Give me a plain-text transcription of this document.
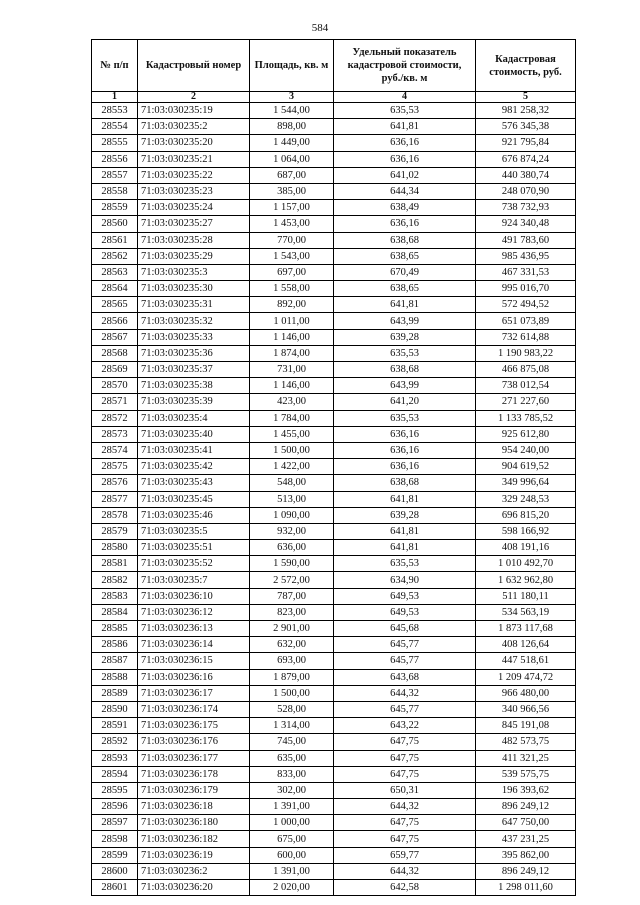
584
№ п/п	Кадастровый номер	Площадь, кв. м	Удельный показатель кадастровой стоимости, руб./кв. м	Кадастровая стоимость, руб.
1	2	3	4	5
28553	71:03:030235:19	1 544,00	635,53	981 258,32
28554	71:03:030235:2	898,00	641,81	576 345,38
28555	71:03:030235:20	1 449,00	636,16	921 795,84
28556	71:03:030235:21	1 064,00	636,16	676 874,24
28557	71:03:030235:22	687,00	641,02	440 380,74
28558	71:03:030235:23	385,00	644,34	248 070,90
28559	71:03:030235:24	1 157,00	638,49	738 732,93
28560	71:03:030235:27	1 453,00	636,16	924 340,48
28561	71:03:030235:28	770,00	638,68	491 783,60
28562	71:03:030235:29	1 543,00	638,65	985 436,95
28563	71:03:030235:3	697,00	670,49	467 331,53
28564	71:03:030235:30	1 558,00	638,65	995 016,70
28565	71:03:030235:31	892,00	641,81	572 494,52
28566	71:03:030235:32	1 011,00	643,99	651 073,89
28567	71:03:030235:33	1 146,00	639,28	732 614,88
28568	71:03:030235:36	1 874,00	635,53	1 190 983,22
28569	71:03:030235:37	731,00	638,68	466 875,08
28570	71:03:030235:38	1 146,00	643,99	738 012,54
28571	71:03:030235:39	423,00	641,20	271 227,60
28572	71:03:030235:4	1 784,00	635,53	1 133 785,52
28573	71:03:030235:40	1 455,00	636,16	925 612,80
28574	71:03:030235:41	1 500,00	636,16	954 240,00
28575	71:03:030235:42	1 422,00	636,16	904 619,52
28576	71:03:030235:43	548,00	638,68	349 996,64
28577	71:03:030235:45	513,00	641,81	329 248,53
28578	71:03:030235:46	1 090,00	639,28	696 815,20
28579	71:03:030235:5	932,00	641,81	598 166,92
28580	71:03:030235:51	636,00	641,81	408 191,16
28581	71:03:030235:52	1 590,00	635,53	1 010 492,70
28582	71:03:030235:7	2 572,00	634,90	1 632 962,80
28583	71:03:030236:10	787,00	649,53	511 180,11
28584	71:03:030236:12	823,00	649,53	534 563,19
28585	71:03:030236:13	2 901,00	645,68	1 873 117,68
28586	71:03:030236:14	632,00	645,77	408 126,64
28587	71:03:030236:15	693,00	645,77	447 518,61
28588	71:03:030236:16	1 879,00	643,68	1 209 474,72
28589	71:03:030236:17	1 500,00	644,32	966 480,00
28590	71:03:030236:174	528,00	645,77	340 966,56
28591	71:03:030236:175	1 314,00	643,22	845 191,08
28592	71:03:030236:176	745,00	647,75	482 573,75
28593	71:03:030236:177	635,00	647,75	411 321,25
28594	71:03:030236:178	833,00	647,75	539 575,75
28595	71:03:030236:179	302,00	650,31	196 393,62
28596	71:03:030236:18	1 391,00	644,32	896 249,12
28597	71:03:030236:180	1 000,00	647,75	647 750,00
28598	71:03:030236:182	675,00	647,75	437 231,25
28599	71:03:030236:19	600,00	659,77	395 862,00
28600	71:03:030236:2	1 391,00	644,32	896 249,12
28601	71:03:030236:20	2 020,00	642,58	1 298 011,60
